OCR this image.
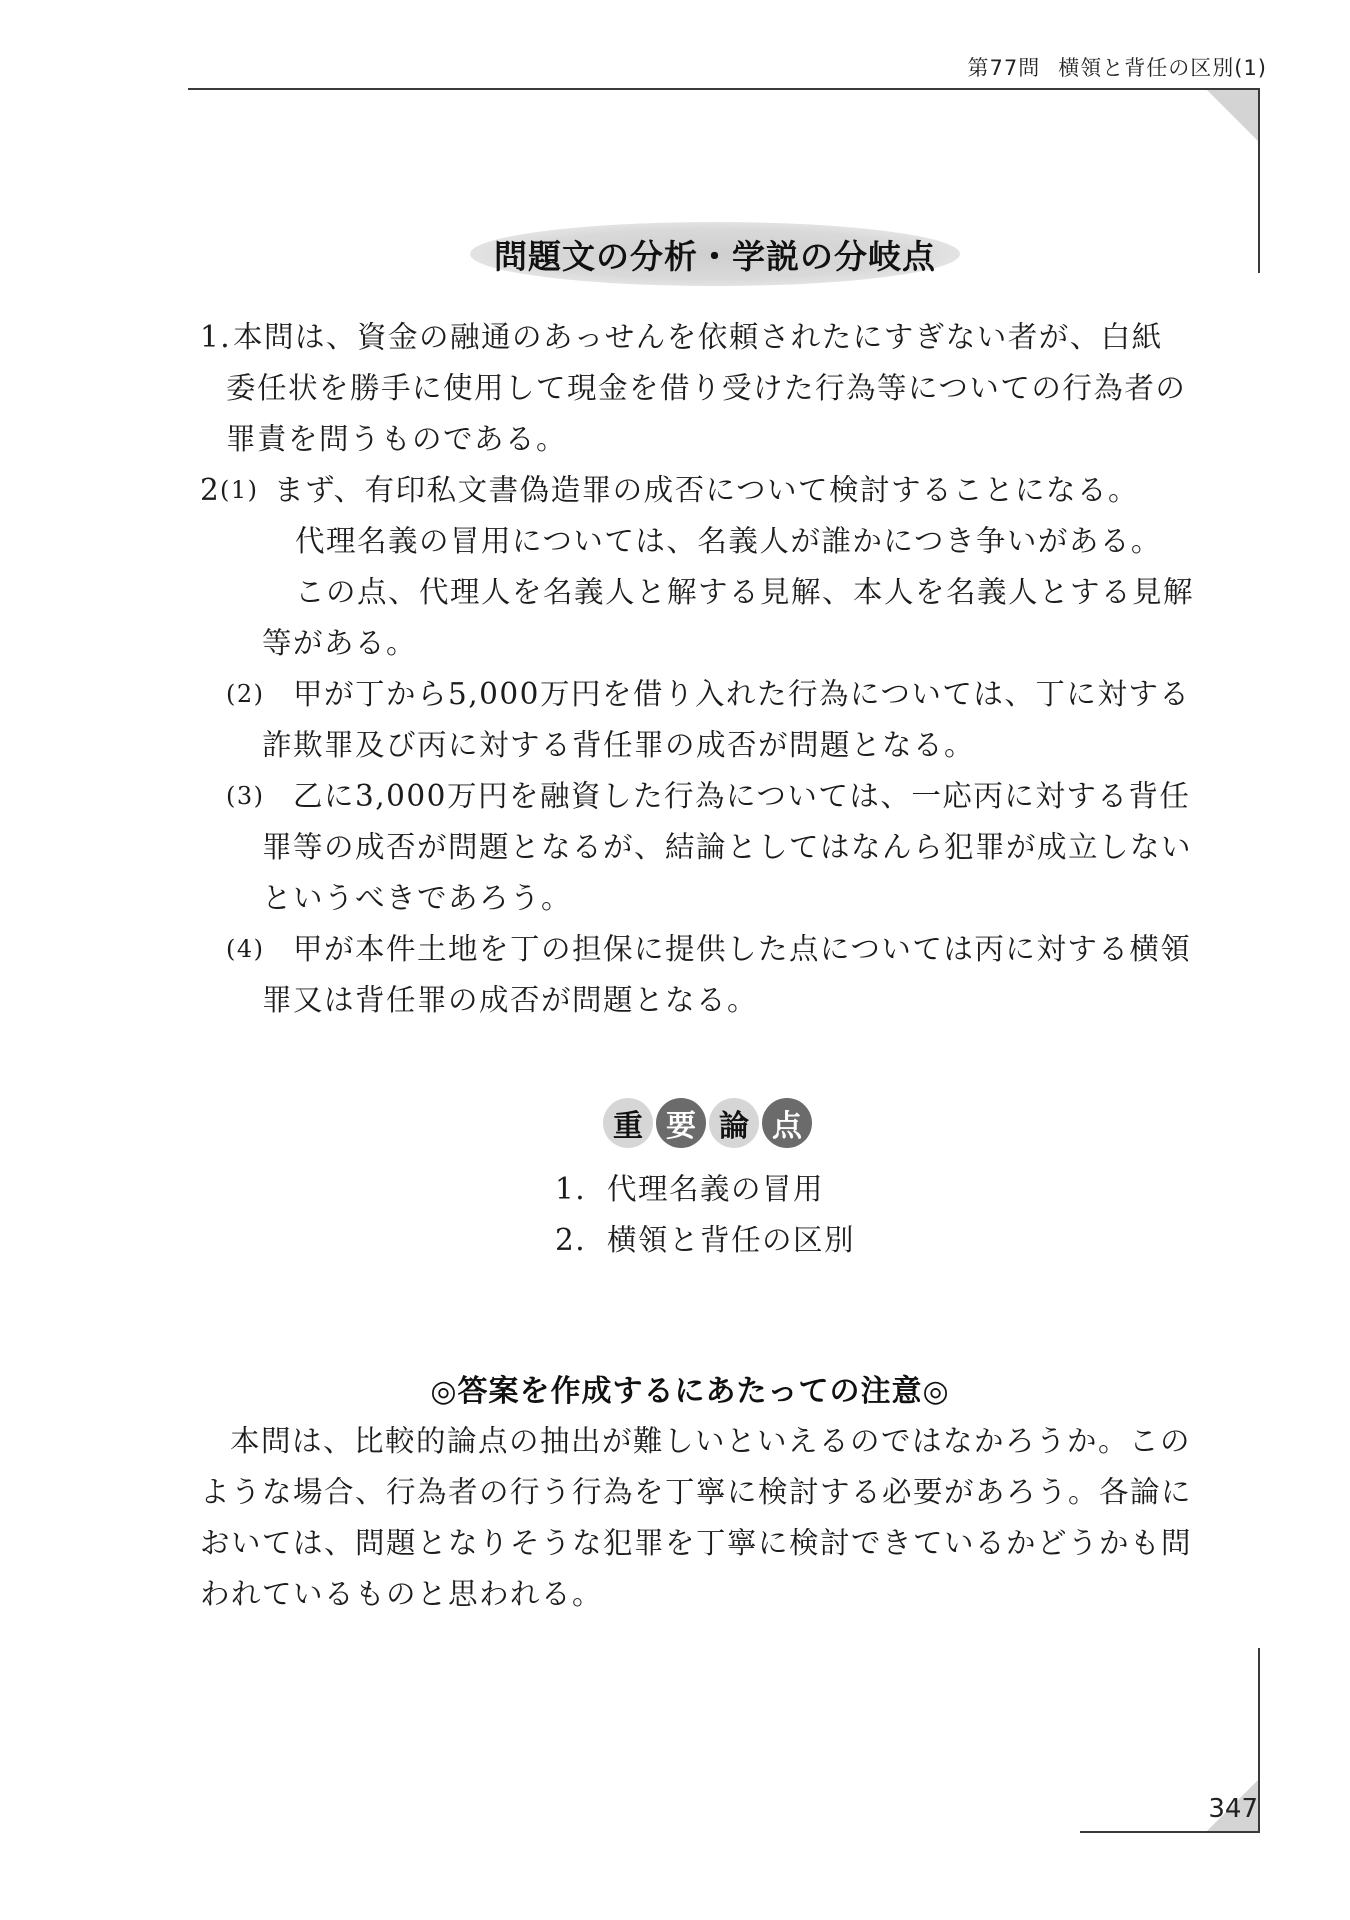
第77問 横領と背任の区別(1)
347
問題文の分析・学説の分岐点
1. 本問は、資金の融通のあっせんを依頼されたにすぎない者が、白紙
委任状を勝手に使用して現金を借り受けた行為等についての行為者の
罪責を問うものである。
2 (1) まず、有印私文書偽造罪の成否について検討することになる。
代理名義の冒用については、名義人が誰かにつき争いがある。
この点、代理人を名義人と解する見解、本人を名義人とする見解
等がある。
(2) 甲が丁から5,000万円を借り入れた行為については、丁に対する
詐欺罪及び丙に対する背任罪の成否が問題となる。
(3) 乙に3,000万円を融資した行為については、一応丙に対する背任
罪等の成否が問題となるが、結論としてはなんら犯罪が成立しない
というべきであろう。
(4) 甲が本件土地を丁の担保に提供した点については丙に対する横領
罪又は背任罪の成否が問題となる。
重 要 論 点
1. 代理名義の冒用
2. 横領と背任の区別
◎答案を作成するにあたっての注意◎
本問は、比較的論点の抽出が難しいといえるのではなかろうか。この
ような場合、行為者の行う行為を丁寧に検討する必要があろう。各論に
おいては、問題となりそうな犯罪を丁寧に検討できているかどうかも問
われているものと思われる。
